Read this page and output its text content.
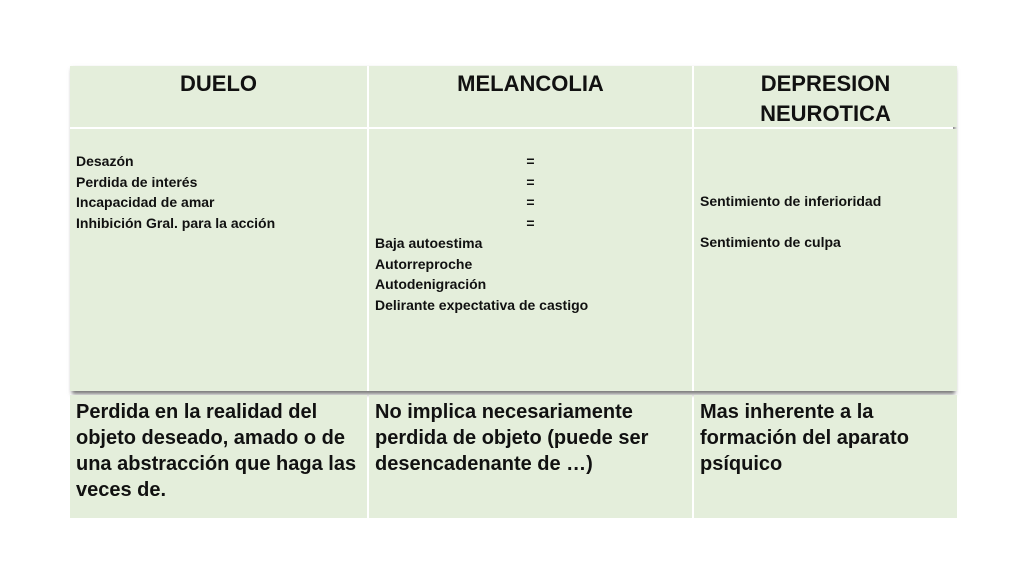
DUELO	MELANCOLIA	DEPRESION
NEUROTICA
Desazón
Perdida de interés
Incapacidad de amar
Inhibición Gral. para la acción
=
=
=
=
Baja autoestima
Autorreproche
Autodenigración
Delirante expectativa de castigo
Sentimiento de inferioridad
Sentimiento de culpa
Perdida en la realidad del objeto deseado, amado o de una abstracción que haga las veces de.
No implica necesariamente perdida de objeto (puede ser desencadenante de …)
Mas inherente a la formación del aparato psíquico
